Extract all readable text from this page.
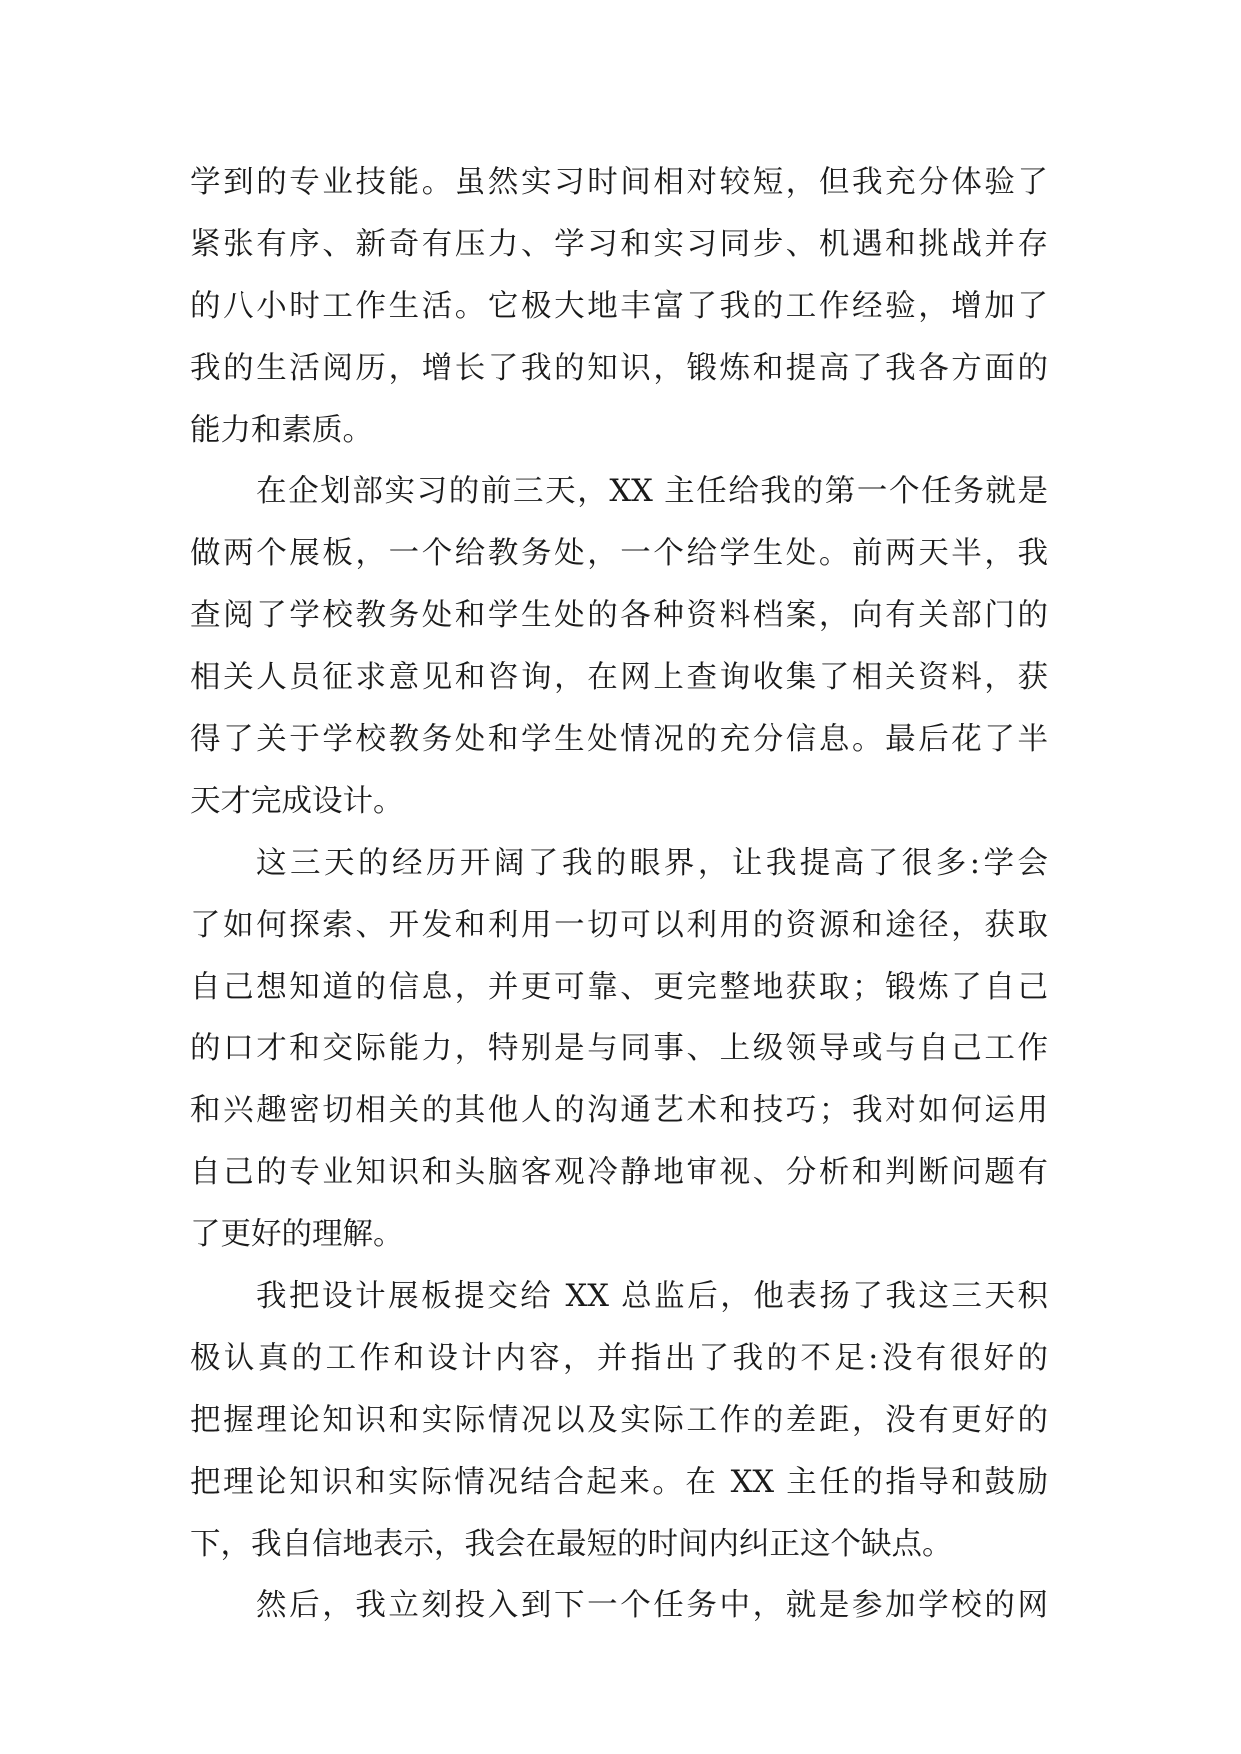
学到的专业技能。虽然实习时间相对较短，但我充分体验了
紧张有序、新奇有压力、学习和实习同步、机遇和挑战并存
的八小时工作生活。它极大地丰富了我的工作经验，增加了
我的生活阅历，增长了我的知识，锻炼和提高了我各方面的
能力和素质。
在企划部实习的前三天，XX 主任给我的第一个任务就是
做两个展板，一个给教务处，一个给学生处。前两天半，我
查阅了学校教务处和学生处的各种资料档案，向有关部门的
相关人员征求意见和咨询，在网上查询收集了相关资料，获
得了关于学校教务处和学生处情况的充分信息。最后花了半
天才完成设计。
这三天的经历开阔了我的眼界，让我提高了很多:学会
了如何探索、开发和利用一切可以利用的资源和途径，获取
自己想知道的信息，并更可靠、更完整地获取；锻炼了自己
的口才和交际能力，特别是与同事、上级领导或与自己工作
和兴趣密切相关的其他人的沟通艺术和技巧；我对如何运用
自己的专业知识和头脑客观冷静地审视、分析和判断问题有
了更好的理解。
我把设计展板提交给 XX 总监后，他表扬了我这三天积
极认真的工作和设计内容，并指出了我的不足:没有很好的
把握理论知识和实际情况以及实际工作的差距，没有更好的
把理论知识和实际情况结合起来。在 XX 主任的指导和鼓励
下，我自信地表示，我会在最短的时间内纠正这个缺点。
然后，我立刻投入到下一个任务中，就是参加学校的网
